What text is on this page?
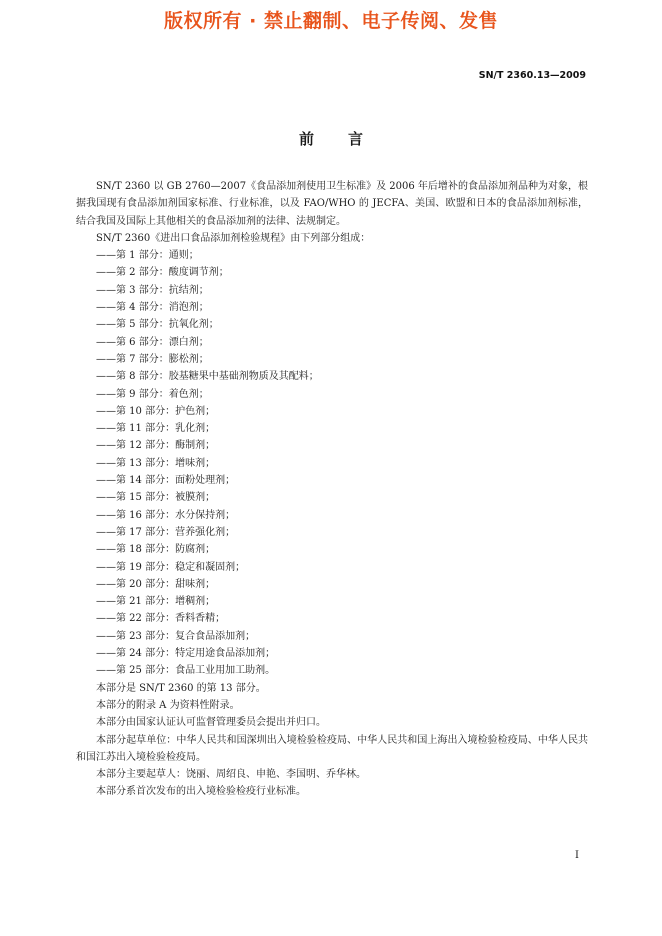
版权所有 · 禁止翻制、电子传阅、发售
SN/T 2360.13—2009
前言

SN/T 2360 以 GB 2760—2007《食品添加剂使用卫生标准》及 2006 年后增补的食品添加剂品种为对象，根据我国现有食品添加剂国家标准、行业标准，以及 FAO/WHO 的 JECFA、美国、欧盟和日本的食品添加剂标准，结合我国及国际上其他相关的食品添加剂的法律、法规制定。

SN/T 2360《进出口食品添加剂检验规程》由下列部分组成：

——第 1 部分：通则；
——第 2 部分：酸度调节剂；
——第 3 部分：抗结剂；
——第 4 部分：消泡剂；
——第 5 部分：抗氧化剂；
——第 6 部分：漂白剂；
——第 7 部分：膨松剂；
——第 8 部分：胶基糖果中基础剂物质及其配料；
——第 9 部分：着色剂；
——第 10 部分：护色剂；
——第 11 部分：乳化剂；
——第 12 部分：酶制剂；
——第 13 部分：增味剂；
——第 14 部分：面粉处理剂；
——第 15 部分：被膜剂；
——第 16 部分：水分保持剂；
——第 17 部分：营养强化剂；
——第 18 部分：防腐剂；
——第 19 部分：稳定和凝固剂；
——第 20 部分：甜味剂；
——第 21 部分：增稠剂；
——第 22 部分：香料香精；
——第 23 部分：复合食品添加剂；
——第 24 部分：特定用途食品添加剂；
——第 25 部分：食品工业用加工助剂。

本部分是 SN/T 2360 的第 13 部分。

本部分的附录 A 为资料性附录。

本部分由国家认证认可监督管理委员会提出并归口。

本部分起草单位：中华人民共和国深圳出入境检验检疫局、中华人民共和国上海出入境检验检疫局、中华人民共和国江苏出入境检验检疫局。

本部分主要起草人：饶丽、周绍良、申艳、李国明、乔华林。

本部分系首次发布的出入境检验检疫行业标准。

Ⅰ
